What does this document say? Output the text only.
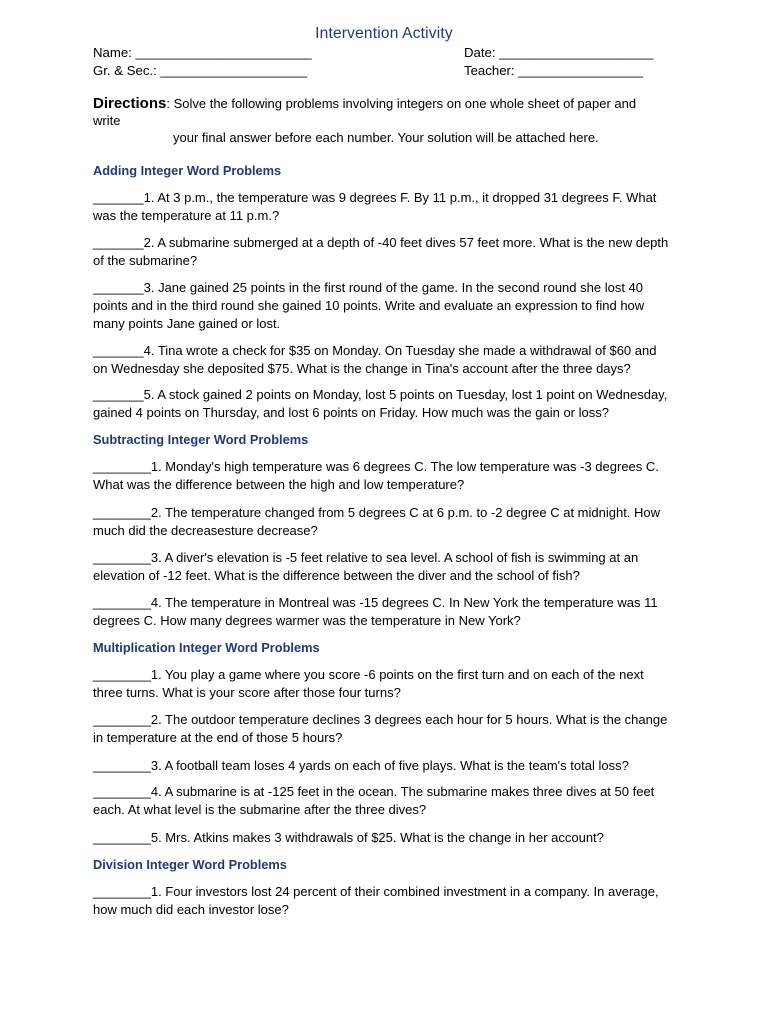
Intervention Activity
Name: ________________________	Date: _____________________
Gr. & Sec.: ____________________	Teacher: _________________
Directions: Solve the following problems involving integers on one whole sheet of paper and write
your final answer before each number. Your solution will be attached here.
Adding Integer Word Problems
_______1. At 3 p.m., the temperature was 9 degrees F. By 11 p.m., it dropped 31 degrees F. What was the temperature at 11 p.m.?
_______2. A submarine submerged at a depth of -40 feet dives 57 feet more. What is the new depth of the submarine?
_______3. Jane gained 25 points in the first round of the game. In the second round she lost 40 points and in the third round she gained 10 points. Write and evaluate an expression to find how many points Jane gained or lost.
_______4. Tina wrote a check for $35 on Monday. On Tuesday she made a withdrawal of $60 and on Wednesday she deposited $75. What is the change in Tina's account after the three days?
_______5. A stock gained 2 points on Monday, lost 5 points on Tuesday, lost 1 point on Wednesday, gained 4 points on Thursday, and lost 6 points on Friday. How much was the gain or loss?
Subtracting Integer Word Problems
________1. Monday's high temperature was 6 degrees C. The low temperature was -3 degrees C. What was the difference between the high and low temperature?
________2. The temperature changed from 5 degrees C at 6 p.m. to -2 degree C at midnight. How much did the decreasesture decrease?
________3. A diver's elevation is -5 feet relative to sea level. A school of fish is swimming at an elevation of -12 feet. What is the difference between the diver and the school of fish?
________4. The temperature in Montreal was -15 degrees C. In New York the temperature was 11 degrees C. How many degrees warmer was the temperature in New York?
Multiplication Integer Word Problems
________1. You play a game where you score -6 points on the first turn and on each of the next three turns. What is your score after those four turns?
________2. The outdoor temperature declines 3 degrees each hour for 5 hours. What is the change in temperature at the end of those 5 hours?
________3. A football team loses 4 yards on each of five plays. What is the team's total loss?
________4. A submarine is at -125 feet in the ocean. The submarine makes three dives at 50 feet each. At what level is the submarine after the three dives?
________5. Mrs. Atkins makes 3 withdrawals of $25. What is the change in her account?
Division Integer Word Problems
________1. Four investors lost 24 percent of their combined investment in a company. In average, how much did each investor lose?
